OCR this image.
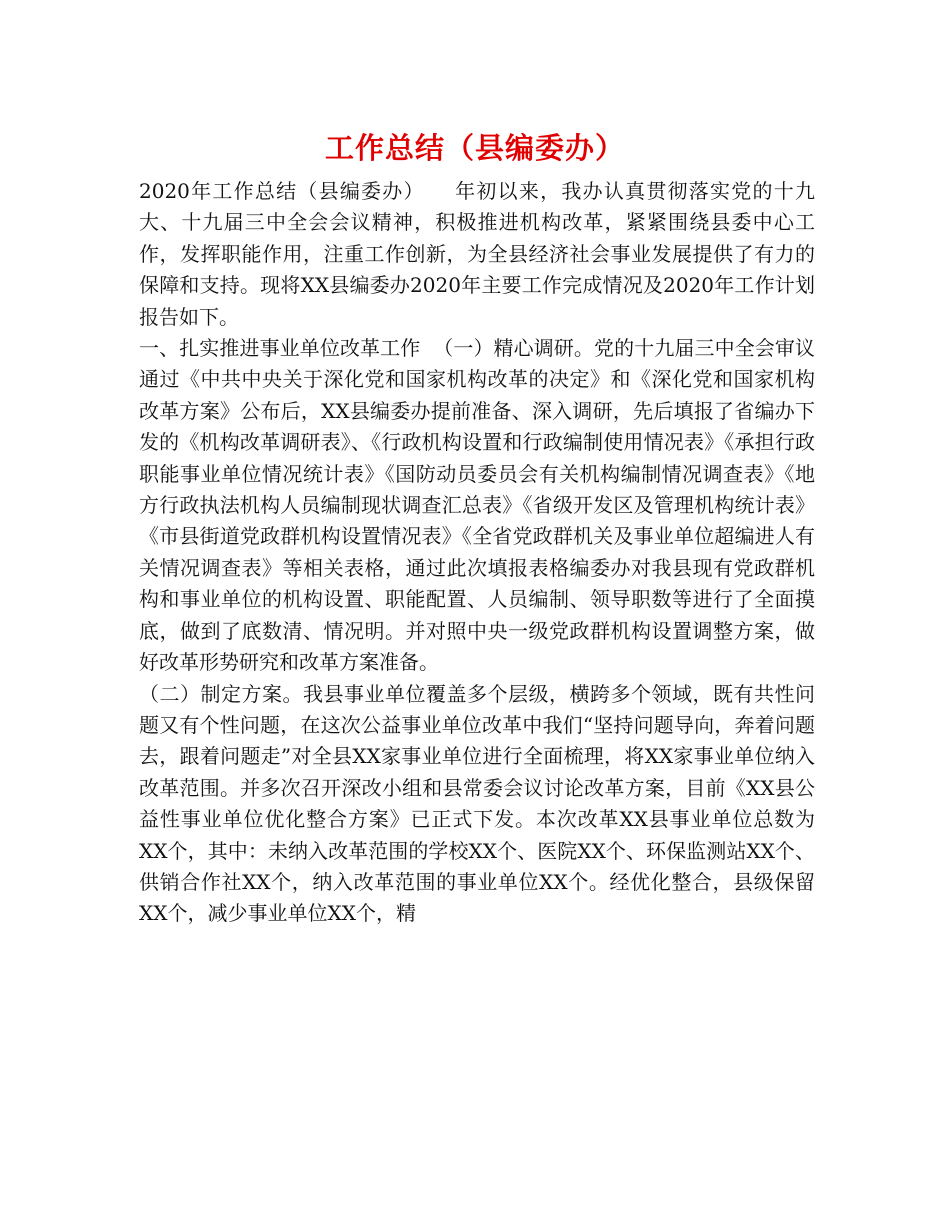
工作总结（县编委办）

2020年工作总结（县编委办）    年初以来，我办认真贯彻落实党的十九大、十九届三中全会会议精神，积极推进机构改革，紧紧围绕县委中心工作，发挥职能作用，注重工作创新，为全县经济社会事业发展提供了有力的保障和支持。现将XX县编委办2020年主要工作完成情况及2020年工作计划报告如下。

一、扎实推进事业单位改革工作  （一）精心调研。党的十九届三中全会审议通过《中共中央关于深化党和国家机构改革的决定》和《深化党和国家机构改革方案》公布后，XX县编委办提前准备、深入调研，先后填报了省编办下发的《机构改革调研表》、《行政机构设置和行政编制使用情况表》《承担行政职能事业单位情况统计表》《国防动员委员会有关机构编制情况调查表》《地方行政执法机构人员编制现状调查汇总表》《省级开发区及管理机构统计表》《市县街道党政群机构设置情况表》《全省党政群机关及事业单位超编进人有关情况调查表》等相关表格，通过此次填报表格编委办对我县现有党政群机构和事业单位的机构设置、职能配置、人员编制、领导职数等进行了全面摸底，做到了底数清、情况明。并对照中央一级党政群机构设置调整方案，做好改革形势研究和改革方案准备。

（二）制定方案。我县事业单位覆盖多个层级，横跨多个领域，既有共性问题又有个性问题，在这次公益事业单位改革中我们“坚持问题导向，奔着问题去，跟着问题走”对全县XX家事业单位进行全面梳理，将XX家事业单位纳入改革范围。并多次召开深改小组和县常委会议讨论改革方案，目前《XX县公益性事业单位优化整合方案》已正式下发。本次改革XX县事业单位总数为XX个，其中：未纳入改革范围的学校XX个、医院XX个、环保监测站XX个、供销合作社XX个，纳入改革范围的事业单位XX个。经优化整合，县级保留XX个，减少事业单位XX个，精
